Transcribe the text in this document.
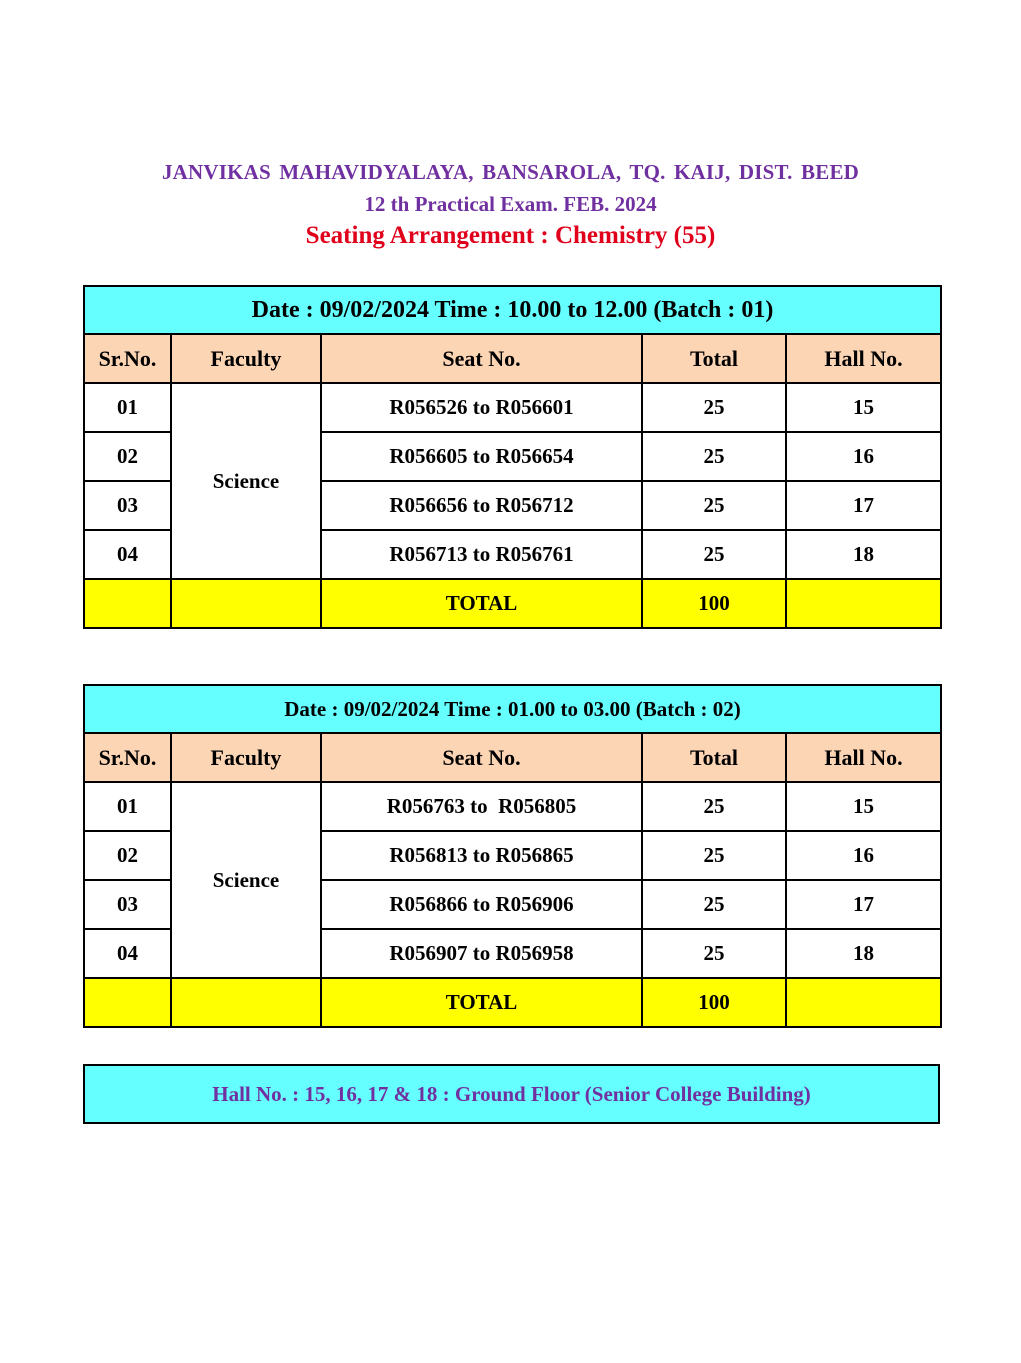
JANVIKAS MAHAVIDYALAYA, BANSAROLA, TQ. KAIJ, DIST. BEED
12 th Practical Exam. FEB. 2024
Seating Arrangement : Chemistry (55)
Date : 09/02/2024 Time : 10.00 to 12.00 (Batch : 01)				
Sr.No.	Faculty	Seat No.	Total	Hall No.
01	Science	R056526 to R056601	25	15
02		R056605 to R056654	25	16
03		R056656 to R056712	25	17
04		R056713 to R056761	25	18
		TOTAL	100	
Date : 09/02/2024 Time : 01.00 to 03.00 (Batch : 02)				
Sr.No.	Faculty	Seat No.	Total	Hall No.
01	Science	R056763 to  R056805	25	15
02		R056813 to R056865	25	16
03		R056866 to R056906	25	17
04		R056907 to R056958	25	18
		TOTAL	100	
Hall No. : 15, 16, 17 & 18 : Ground Floor (Senior College Building)
